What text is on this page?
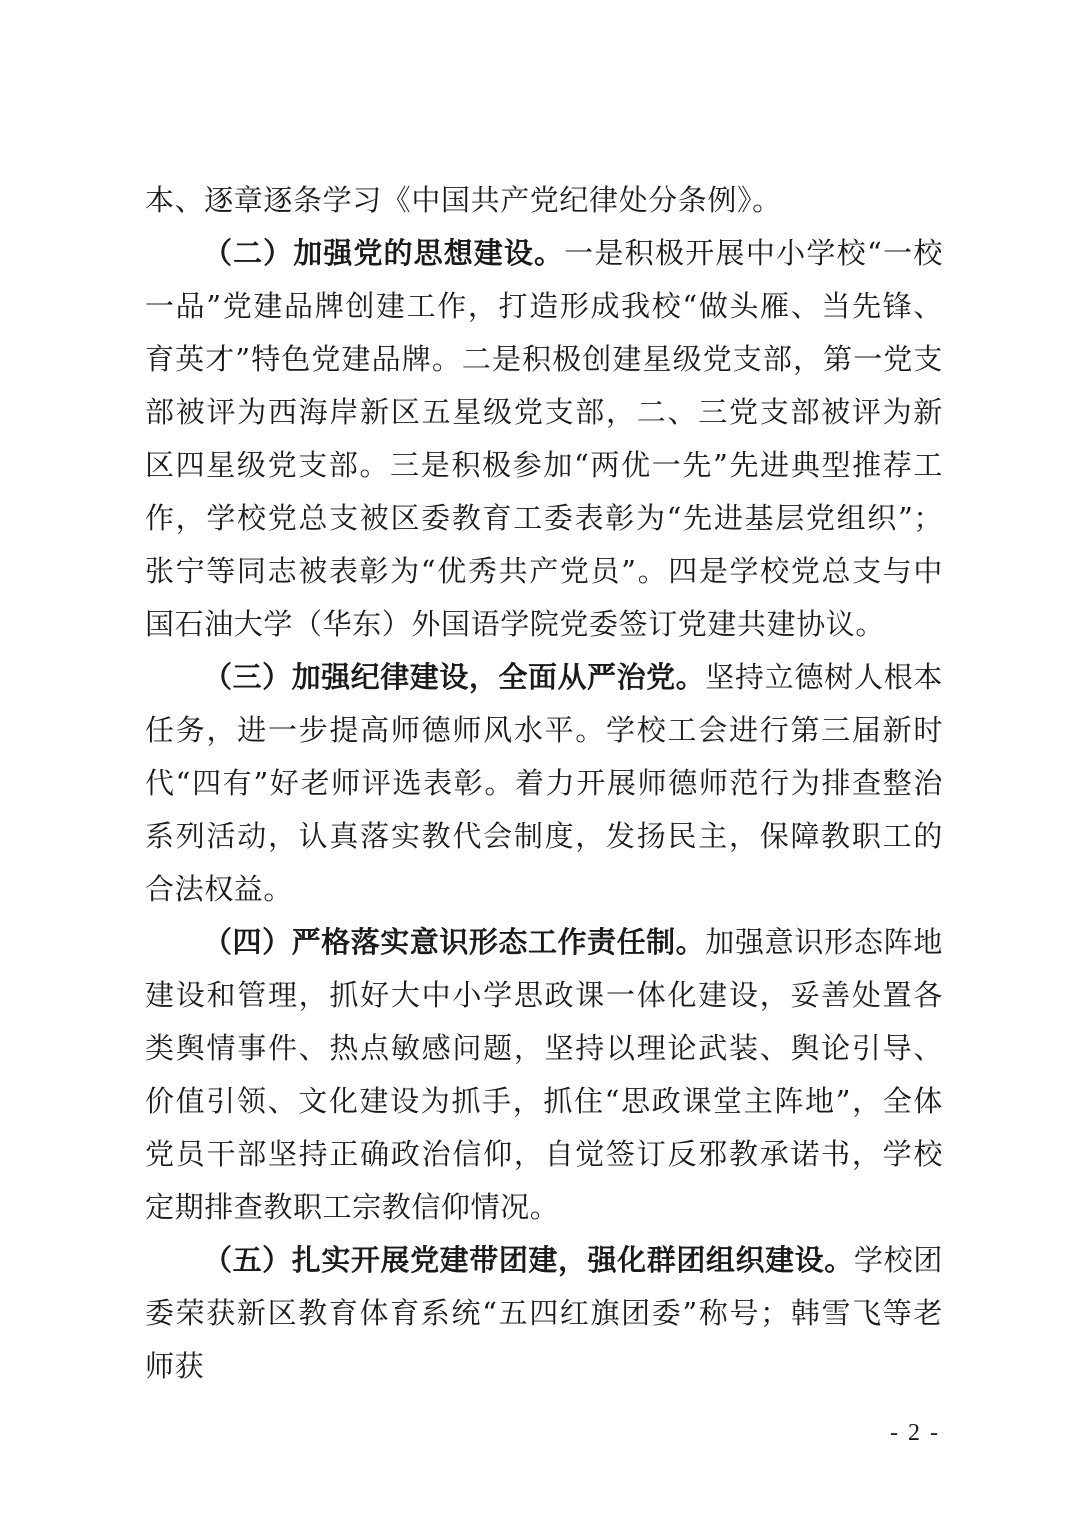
本、逐章逐条学习《中国共产党纪律处分条例》。

（二）加强党的思想建设。一是积极开展中小学校“一校一品”党建品牌创建工作，打造形成我校“做头雁、当先锋、育英才”特色党建品牌。二是积极创建星级党支部，第一党支部被评为西海岸新区五星级党支部，二、三党支部被评为新区四星级党支部。三是积极参加“两优一先”先进典型推荐工作，学校党总支被区委教育工委表彰为“先进基层党组织”；张宁等同志被表彰为“优秀共产党员”。四是学校党总支与中国石油大学（华东）外国语学院党委签订党建共建协议。

（三）加强纪律建设，全面从严治党。坚持立德树人根本任务，进一步提高师德师风水平。学校工会进行第三届新时代“四有”好老师评选表彰。着力开展师德师范行为排查整治系列活动，认真落实教代会制度，发扬民主，保障教职工的合法权益。

（四）严格落实意识形态工作责任制。加强意识形态阵地建设和管理，抓好大中小学思政课一体化建设，妥善处置各类舆情事件、热点敏感问题，坚持以理论武装、舆论引导、价值引领、文化建设为抓手，抓住“思政课堂主阵地”，全体党员干部坚持正确政治信仰，自觉签订反邪教承诺书，学校定期排查教职工宗教信仰情况。

（五）扎实开展党建带团建，强化群团组织建设。学校团委荣获新区教育体育系统“五四红旗团委”称号；韩雪飞等老师获

- 2 -
